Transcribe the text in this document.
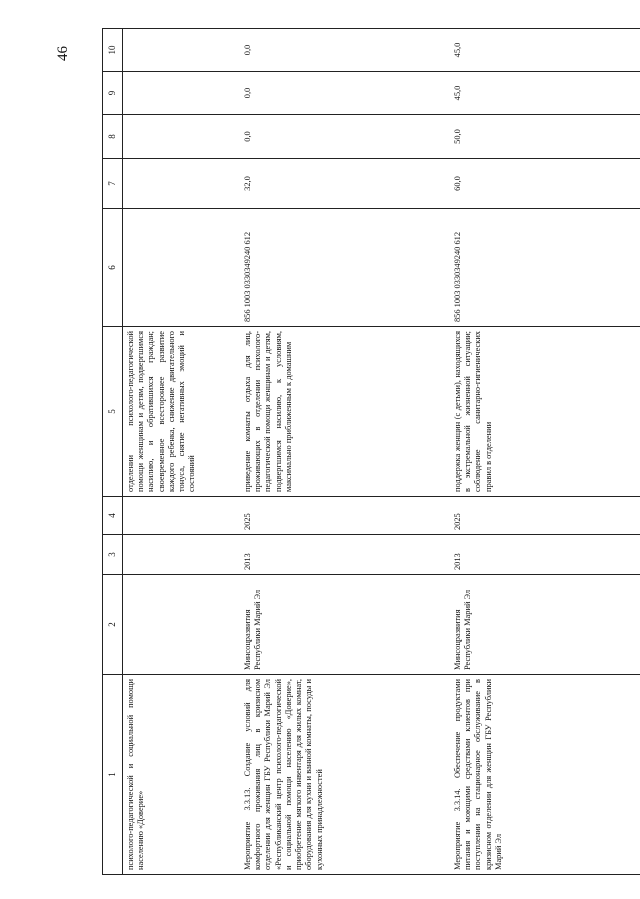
46
1	2	3	4	5	6	7	8	9	10
психолого-педагогической и социальной помощи населению «Доверие»				отделении психолого-педагогической помощи женщинам и детям, подвергшимся насилию, и обратившихся граждан; своевременное всестороннее развитие каждого ребенка, снижение двигательного тонуса, снятие негативных эмоций и состояний					
Мероприятие 3.3.13. Создание условий для комфортного проживания лиц в кризисном отделении для женщин ГБУ Республики Марий Эл «Республиканский центр психолого-педагогической и социальной помощи населению «Доверие», приобретение мягкого инвентаря для жилых комнат, оборудования для кухни и ванной комнаты, посуды и кухонных принадлежностей	Минсоцразвития Республики Марий Эл	2013	2025	приведение комнаты отдыха для лиц, проживающих в отделении психолого-педагогической помощи женщинам и детям, подвергшимся насилию, к условиям, максимально приближенным к домашним	856 1003 0330349240 612	32,0	0,0	0,0	0,0
Мероприятие 3.3.14. Обеспечение продуктами питания и моющими средствами клиентов при поступлении на стационарное обслуживание в кризисном отделении для женщин ГБУ Республики Марий Эл	Минсоцразвития Республики Марий Эл	2013	2025	поддержка женщин (с детьми), находящихся в экстремальной жизненной ситуации; соблюдение санитарно-гигиенических правил в отделении	856 1003 0330349240 612	60,0	50,0	45,0	45,0
